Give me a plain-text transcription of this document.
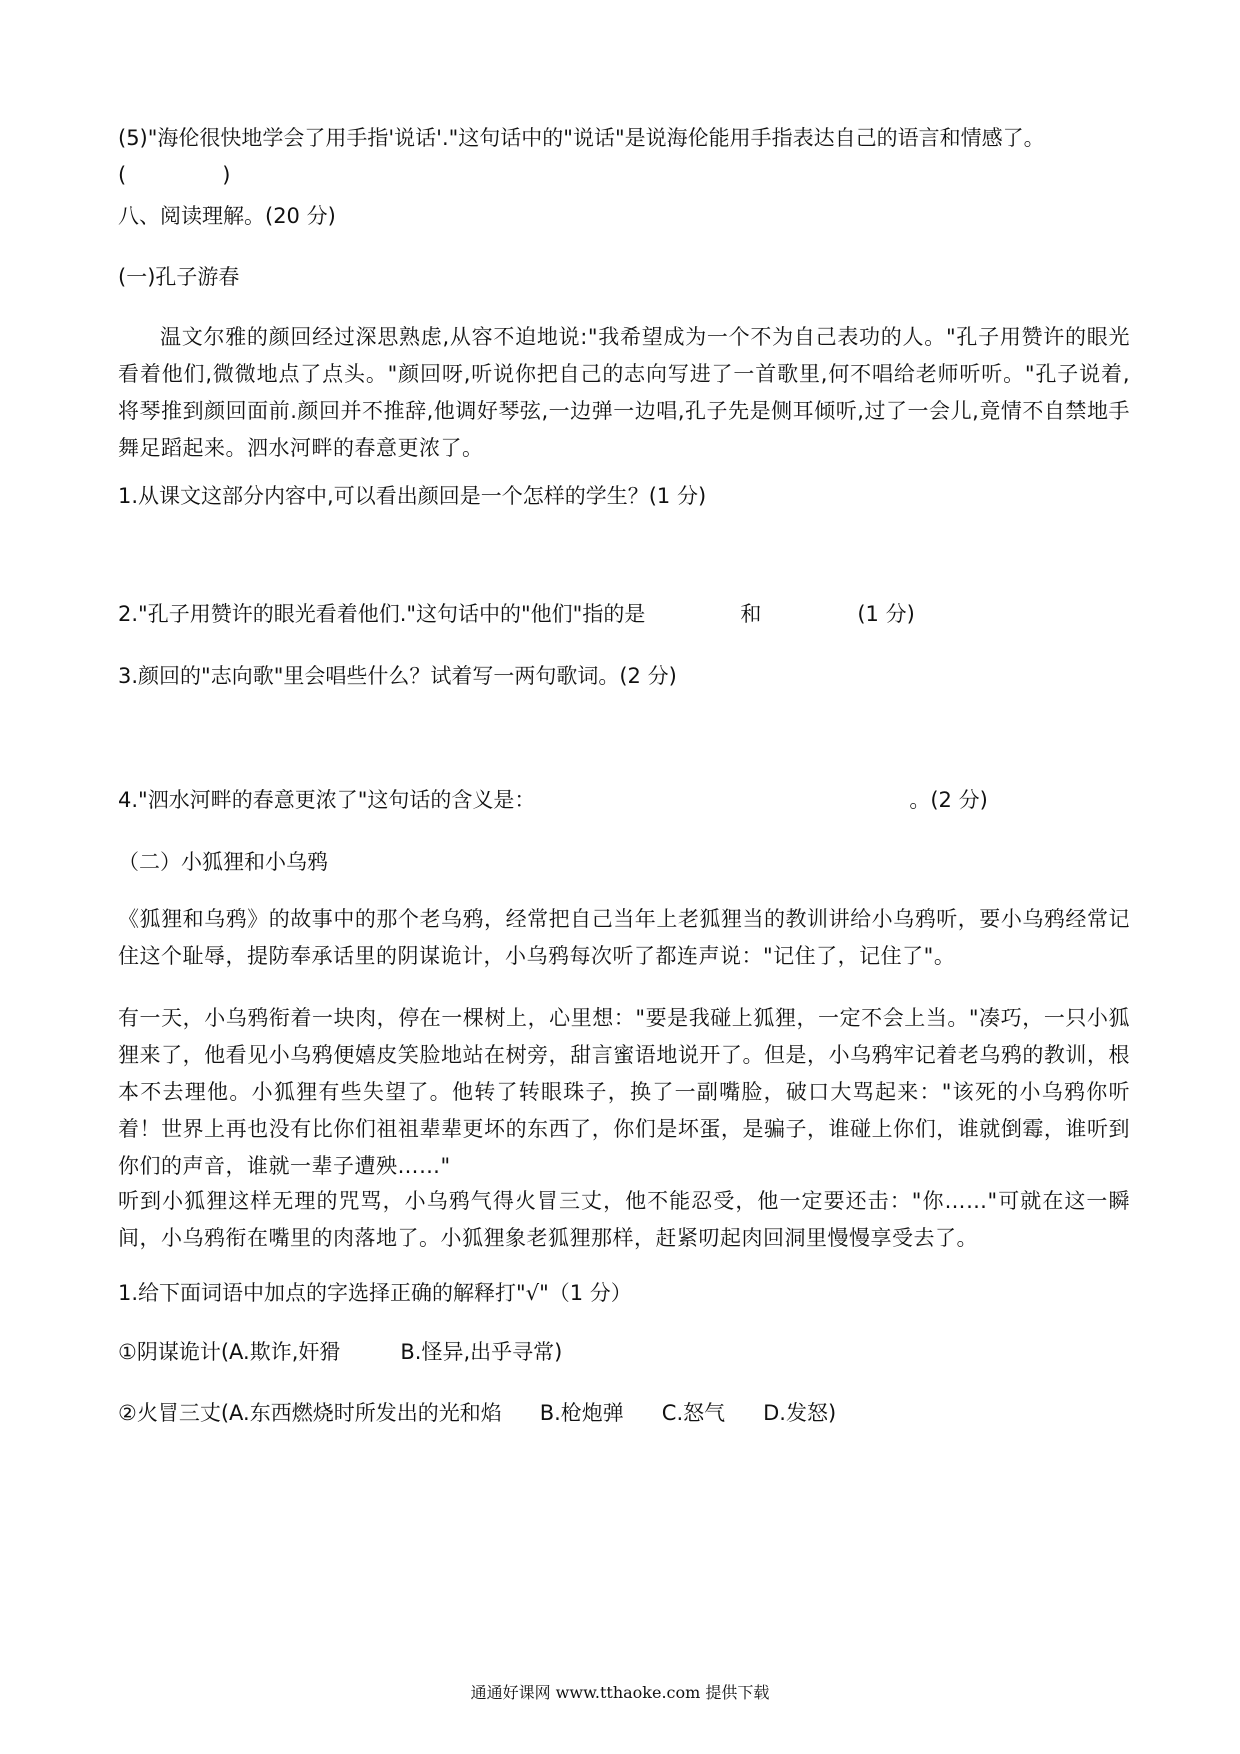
(5)"海伦很快地学会了用手指'说话'."这句话中的"说话"是说海伦能用手指表达自己的语言和情感了。
(	)
八、阅读理解。(20 分)
(一)孔子游春
温文尔雅的颜回经过深思熟虑,从容不迫地说:"我希望成为一个不为自己表功的人。"孔子用赞许的眼光看着他们,微微地点了点头。"颜回呀,听说你把自己的志向写进了一首歌里,何不唱给老师听听。"孔子说着,将琴推到颜回面前.颜回并不推辞,他调好琴弦,一边弹一边唱,孔子先是侧耳倾听,过了一会儿,竟情不自禁地手舞足蹈起来。泗水河畔的春意更浓了。
1.从课文这部分内容中,可以看出颜回是一个怎样的学生？(1 分)
2."孔子用赞许的眼光看着他们."这句话中的"他们"指的是	和	(1 分)
3.颜回的"志向歌"里会唱些什么？试着写一两句歌词。(2 分)
4."泗水河畔的春意更浓了"这句话的含义是：	。(2 分)
（二）小狐狸和小乌鸦
《狐狸和乌鸦》的故事中的那个老乌鸦，经常把自己当年上老狐狸当的教训讲给小乌鸦听，要小乌鸦经常记住这个耻辱，提防奉承话里的阴谋诡计，小乌鸦每次听了都连声说："记住了，记住了"。
有一天，小乌鸦衔着一块肉，停在一棵树上，心里想："要是我碰上狐狸，一定不会上当。"凑巧，一只小狐狸来了，他看见小乌鸦便嬉皮笑脸地站在树旁，甜言蜜语地说开了。但是，小乌鸦牢记着老乌鸦的教训，根本不去理他。小狐狸有些失望了。他转了转眼珠子，换了一副嘴脸，破口大骂起来："该死的小乌鸦你听着！世界上再也没有比你们祖祖辈辈更坏的东西了，你们是坏蛋，是骗子，谁碰上你们，谁就倒霉，谁听到你们的声音，谁就一辈子遭殃……"
听到小狐狸这样无理的咒骂，小乌鸦气得火冒三丈，他不能忍受，他一定要还击："你……"可就在这一瞬间，小乌鸦衔在嘴里的肉落地了。小狐狸象老狐狸那样，赶紧叨起肉回洞里慢慢享受去了。
1.给下面词语中加点的字选择正确的解释打"√"（1 分）
①阴谋诡计(A.欺诈,奸猾	B.怪异,出乎寻常)
②火冒三丈(A.东西燃烧时所发出的光和焰 B.枪炮弹 C.怒气 D.发怒)
通通好课网 www.tthaoke.com 提供下载
